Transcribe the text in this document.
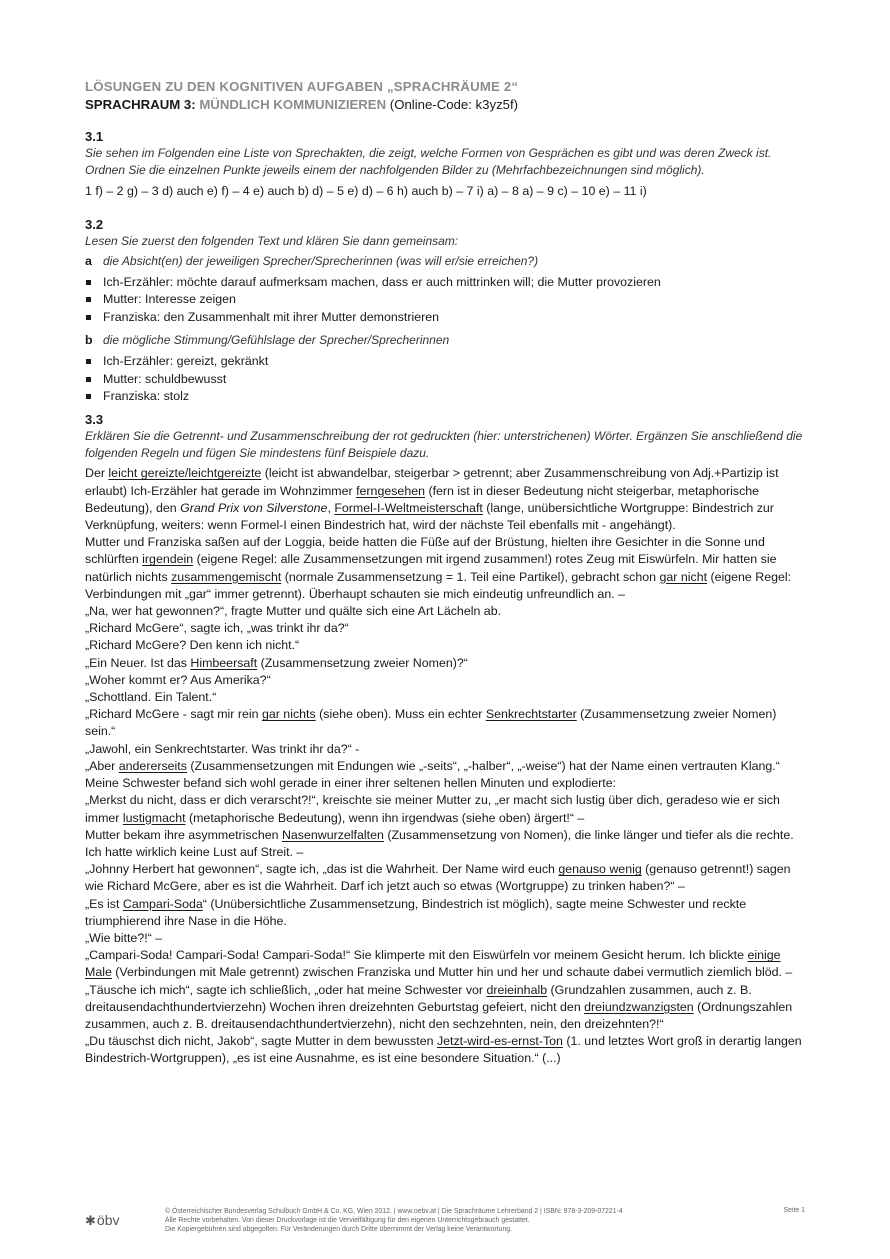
LÖSUNGEN ZU DEN KOGNITIVEN AUFGABEN „SPRACHRÄUME 2“

SPRACHRAUM 3: MÜNDLICH KOMMUNIZIEREN (Online-Code: k3yz5f)

3.1

Sie sehen im Folgenden eine Liste von Sprechakten, die zeigt, welche Formen von Gesprächen es gibt und was deren Zweck ist. Ordnen Sie die einzelnen Punkte jeweils einem der nachfolgenden Bilder zu (Mehrfachbezeichnungen sind möglich).

1 f) – 2 g) – 3 d) auch e) f) – 4 e) auch b) d) – 5 e) d) – 6 h) auch b) – 7 i) a) – 8 a) – 9 c) – 10 e) – 11 i)

3.2

Lesen Sie zuerst den folgenden Text und klären Sie dann gemeinsam:

a die Absicht(en) der jeweiligen Sprecher/Sprecherinnen (was will er/sie erreichen?)

Ich-Erzähler: möchte darauf aufmerksam machen, dass er auch mittrinken will; die Mutter provozieren
Mutter: Interesse zeigen
Franziska: den Zusammenhalt mit ihrer Mutter demonstrieren

b die mögliche Stimmung/Gefühlslage der Sprecher/Sprecherinnen

Ich-Erzähler: gereizt, gekränkt
Mutter: schuldbewusst
Franziska: stolz

3.3

Erklären Sie die Getrennt- und Zusammenschreibung der rot gedruckten (hier: unterstrichenen) Wörter. Ergänzen Sie anschließend die folgenden Regeln und fügen Sie mindestens fünf Beispiele dazu.

Der leicht gereizte/leichtgereizte (leicht ist abwandelbar, steigerbar > getrennt; aber Zusammenschreibung von Adj.+Partizip ist erlaubt) Ich-Erzähler hat gerade im Wohnzimmer ferngesehen (fern ist in dieser Bedeutung nicht steigerbar, metaphorische Bedeutung), den Grand Prix von Silverstone, Formel-I-Weltmeisterschaft (lange, unübersichtliche Wortgruppe: Bindestrich zur Verknüpfung, weiters: wenn Formel-I einen Bindestrich hat, wird der nächste Teil ebenfalls mit - angehängt).

Mutter und Franziska saßen auf der Loggia, beide hatten die Füße auf der Brüstung, hielten ihre Gesichter in die Sonne und schlürften irgendein (eigene Regel: alle Zusammensetzungen mit irgend zusammen!) rotes Zeug mit Eiswürfeln. Mir hatten sie natürlich nichts zusammengemischt (normale Zusammensetzung = 1. Teil eine Partikel), gebracht schon gar nicht (eigene Regel: Verbindungen mit „gar“ immer getrennt). Überhaupt schauten sie mich eindeutig unfreundlich an. –

„Na, wer hat gewonnen?“, fragte Mutter und quälte sich eine Art Lächeln ab.

„Richard McGere“, sagte ich, „was trinkt ihr da?“

„Richard McGere? Den kenn ich nicht.“

„Ein Neuer. Ist das Himbeersaft (Zusammensetzung zweier Nomen)?“

„Woher kommt er? Aus Amerika?“

„Schottland. Ein Talent.“

„Richard McGere - sagt mir rein gar nichts (siehe oben). Muss ein echter Senkrechtstarter (Zusammensetzung zweier Nomen) sein.“

„Jawohl, ein Senkrechtstarter. Was trinkt ihr da?“ -

„Aber andererseits (Zusammensetzungen mit Endungen wie „-seits“, „-halber“, „-weise“) hat der Name einen vertrauten Klang.“

Meine Schwester befand sich wohl gerade in einer ihrer seltenen hellen Minuten und explodierte:

„Merkst du nicht, dass er dich verarscht?!“, kreischte sie meiner Mutter zu, „er macht sich lustig über dich, geradeso wie er sich immer lustigmacht (metaphorische Bedeutung), wenn ihn irgendwas (siehe oben) ärgert!“ –

Mutter bekam ihre asymmetrischen Nasenwurzelfalten (Zusammensetzung von Nomen), die linke länger und tiefer als die rechte. Ich hatte wirklich keine Lust auf Streit. –

„Johnny Herbert hat gewonnen“, sagte ich, „das ist die Wahrheit. Der Name wird euch genauso wenig (genauso getrennt!) sagen wie Richard McGere, aber es ist die Wahrheit. Darf ich jetzt auch so etwas (Wortgruppe) zu trinken haben?“ –

„Es ist Campari-Soda“ (Unübersichtliche Zusammensetzung, Bindestrich ist möglich), sagte meine Schwester und reckte triumphierend ihre Nase in die Höhe.

„Wie bitte?!“ –

„Campari-Soda! Campari-Soda! Campari-Soda!“ Sie klimperte mit den Eiswürfeln vor meinem Gesicht herum. Ich blickte einige Male (Verbindungen mit Male getrennt) zwischen Franziska und Mutter hin und her und schaute dabei vermutlich ziemlich blöd. –

„Täusche ich mich“, sagte ich schließlich, „oder hat meine Schwester vor dreieinhalb (Grundzahlen zusammen, auch z. B. dreitausendachthundertvierzehn) Wochen ihren dreizehnten Geburtstag gefeiert, nicht den dreiundzwanzigsten (Ordnungszahlen zusammen, auch z. B. dreitausendachthundertvierzehn), nicht den sechzehnten, nein, den dreizehnten?!“

„Du täuschst dich nicht, Jakob“, sagte Mutter in dem bewussten Jetzt-wird-es-ernst-Ton (1. und letztes Wort groß in derartig langen Bindestrich-Wortgruppen), „es ist eine Ausnahme, es ist eine besondere Situation.“ (...)

✱ öbv
© Österreichischer Bundesverlag Schulbuch GmbH & Co. KG, Wien 2012. | www.oebv.at | Die Sprachräume Lehrerband 2 | ISBN: 978-3-209-07221-4
Alle Rechte vorbehalten. Von dieser Druckvorlage ist die Vervielfältigung für den eigenen Unterrichtsgebrauch gestattet.
Die Kopiergebühren sind abgegolten. Für Veränderungen durch Dritte übernimmt der Verlag keine Verantwortung.
Seite 1
